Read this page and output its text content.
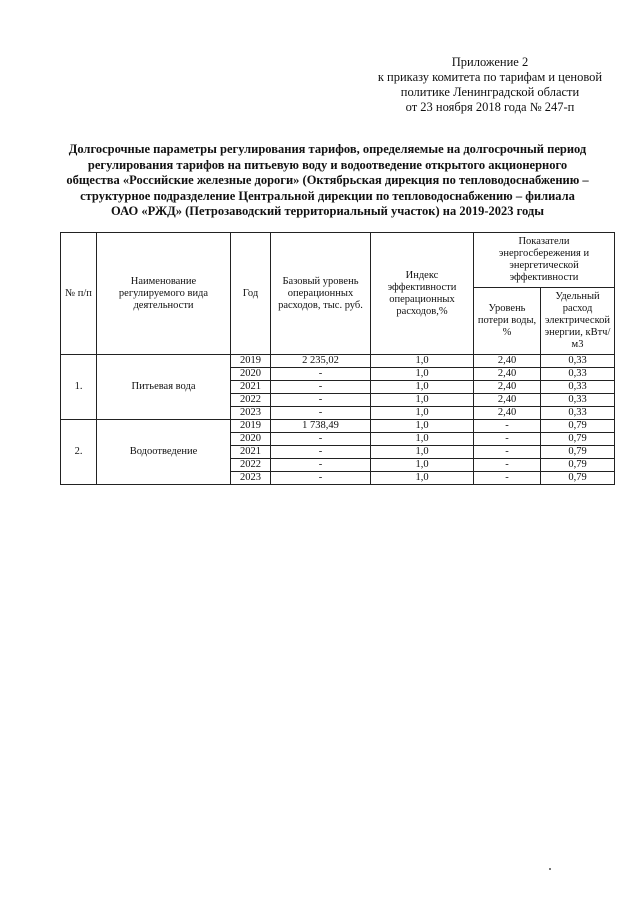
Приложение 2
к приказу комитета по тарифам и ценовой
политике Ленинградской области
от 23 ноября 2018 года № 247-п
Долгосрочные параметры регулирования тарифов, определяемые на долгосрочный период
регулирования тарифов на питьевую воду и водоотведение открытого акционерного
общества «Российские железные дороги» (Октябрьская дирекция по тепловодоснабжению –
структурное подразделение Центральной дирекции по тепловодоснабжению – филиала
ОАО «РЖД» (Петрозаводский территориальный участок) на 2019-2023 годы
№ п/п	Наименование регулируемого вида деятельности	Год	Базовый уровень операционных расходов, тыс. руб.	Индекс эффективности операционных расходов,%	Показатели энергосбережения и энергетической эффективности	
					Уровень потери воды, %	Удельный расход электрической энергии, кВтч/м3
1.	Питьевая вода	2019	2 235,02	1,0	2,40	0,33
		2020	-	1,0	2,40	0,33
		2021	-	1,0	2,40	0,33
		2022	-	1,0	2,40	0,33
		2023	-	1,0	2,40	0,33
2.	Водоотведение	2019	1 738,49	1,0	-	0,79
		2020	-	1,0	-	0,79
		2021	-	1,0	-	0,79
		2022	-	1,0	-	0,79
		2023	-	1,0	-	0,79
